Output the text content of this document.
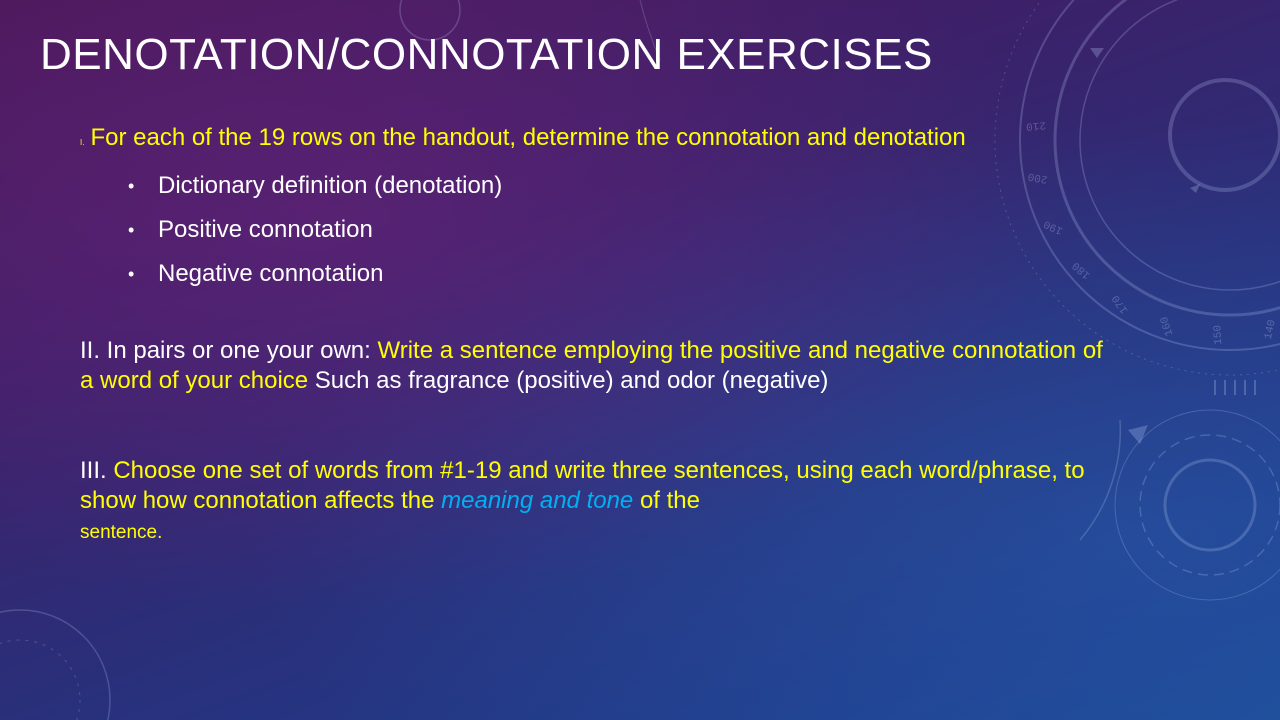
210
200
190
180
170
160	150	140
DENOTATION/CONNOTATION EXERCISES

I. For each of the 19 rows on the handout, determine the connotation and denotation

• Dictionary definition (denotation)
• Positive connotation
• Negative connotation

II. In pairs or one your own: Write a sentence employing the positive and negative connotation of a word of your choice Such as fragrance (positive) and odor (negative)

III. Choose one set of words from #1-19 and write three sentences, using each word/phrase, to show how connotation affects the meaning and tone of the
sentence.
